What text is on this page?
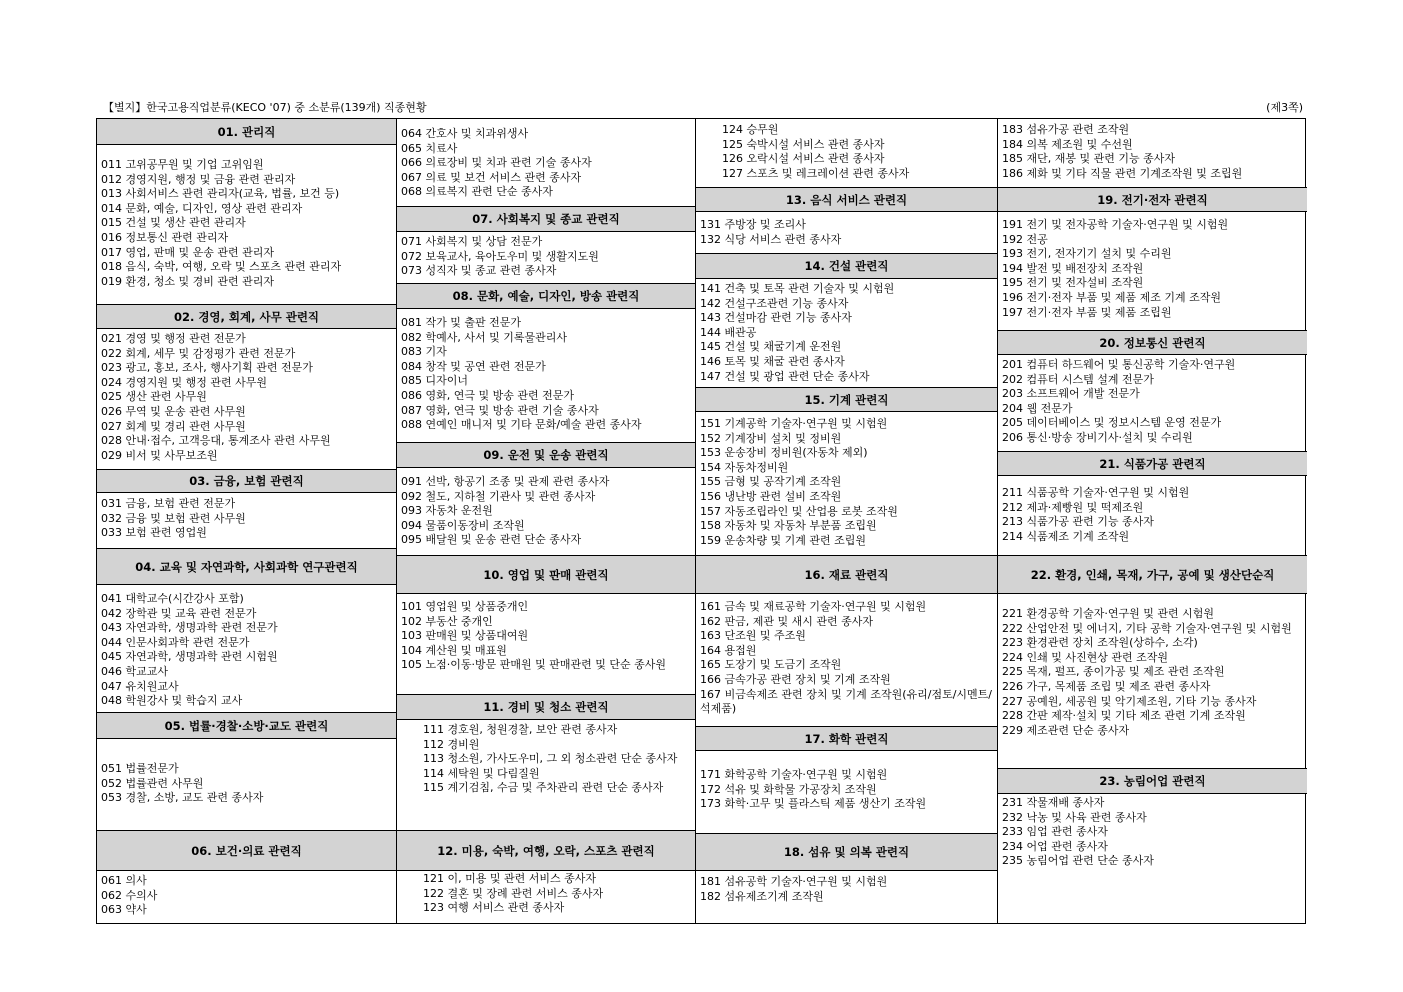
【별지】한국고용직업분류(KECO '07) 중 소분류(139개) 직종현황	(제3쪽)
01. 관리직
011 고위공무원 및 기업 고위임원
012 경영지원, 행정 및 금융 관련 관리자
013 사회서비스 관련 관리자(교육, 법률, 보건 등)
014 문화, 예술, 디자인, 영상 관련 관리자
015 건설 및 생산 관련 관리자
016 정보통신 관련 관리자
017 영업, 판매 및 운송 관련 관리자
018 음식, 숙박, 여행, 오락 및 스포츠 관련 관리자
019 환경, 청소 및 경비 관련 관리자
02. 경영, 회계, 사무 관련직
021 경영 및 행정 관련 전문가
022 회계, 세무 및 감정평가 관련 전문가
023 광고, 홍보, 조사, 행사기획 관련 전문가
024 경영지원 및 행정 관련 사무원
025 생산 관련 사무원
026 무역 및 운송 관련 사무원
027 회계 및 경리 관련 사무원
028 안내·접수, 고객응대, 통계조사 관련 사무원
029 비서 및 사무보조원
03. 금융, 보험 관련직
031 금융, 보험 관련 전문가
032 금융 및 보험 관련 사무원
033 보험 관련 영업원
04. 교육 및 자연과학, 사회과학 연구관련직
041 대학교수(시간강사 포함)
042 장학관 및 교육 관련 전문가
043 자연과학, 생명과학 관련 전문가
044 인문사회과학 관련 전문가
045 자연과학, 생명과학 관련 시험원
046 학교교사
047 유치원교사
048 학원강사 및 학습지 교사
05. 법률·경찰·소방·교도 관련직
051 법률전문가
052 법률관련 사무원
053 경찰, 소방, 교도 관련 종사자
06. 보건·의료 관련직
061 의사
062 수의사
063 약사
064 간호사 및 치과위생사
065 치료사
066 의료장비 및 치과 관련 기술 종사자
067 의료 및 보건 서비스 관련 종사자
068 의료복지 관련 단순 종사자
07. 사회복지 및 종교 관련직
071 사회복지 및 상담 전문가
072 보육교사, 육아도우미 및 생활지도원
073 성직자 및 종교 관련 종사자
08. 문화, 예술, 디자인, 방송 관련직
081 작가 및 출판 전문가
082 학예사, 사서 및 기록물관리사
083 기자
084 창작 및 공연 관련 전문가
085 디자이너
086 영화, 연극 및 방송 관련 전문가
087 영화, 연극 및 방송 관련 기술 종사자
088 연예인 매니저 및 기타 문화/예술 관련 종사자
09. 운전 및 운송 관련직
091 선박, 항공기 조종 및 관제 관련 종사자
092 철도, 지하철 기관사 및 관련 종사자
093 자동차 운전원
094 물품이동장비 조작원
095 배달원 및 운송 관련 단순 종사자
10. 영업 및 판매 관련직
101 영업원 및 상품중개인
102 부동산 중개인
103 판매원 및 상품대여원
104 계산원 및 매표원
105 노점·이동·방문 판매원 및 판매관련 및 단순 종사원
11. 경비 및 청소 관련직
111 경호원, 청원경찰, 보안 관련 종사자
112 경비원
113 청소원, 가사도우미, 그 외 청소관련 단순 종사자
114 세탁원 및 다림질원
115 계기검침, 수금 및 주차관리 관련 단순 종사자
12. 미용, 숙박, 여행, 오락, 스포츠 관련직
121 이, 미용 및 관련 서비스 종사자
122 결혼 및 장례 관련 서비스 종사자
123 여행 서비스 관련 종사자
124 승무원
125 숙박시설 서비스 관련 종사자
126 오락시설 서비스 관련 종사자
127 스포츠 및 레크레이션 관련 종사자
13. 음식 서비스 관련직
131 주방장 및 조리사
132 식당 서비스 관련 종사자
14. 건설 관련직
141 건축 및 토목 관련 기술자 및 시험원
142 건설구조관련 기능 종사자
143 건설마감 관련 기능 종사자
144 배관공
145 건설 및 채굴기계 운전원
146 토목 및 채굴 관련 종사자
147 건설 및 광업 관련 단순 종사자
15. 기계 관련직
151 기계공학 기술자·연구원 및 시험원
152 기계장비 설치 및 정비원
153 운송장비 정비원(자동차 제외)
154 자동차정비원
155 금형 및 공작기계 조작원
156 냉난방 관련 설비 조작원
157 자동조립라인 및 산업용 로봇 조작원
158 자동차 및 자동차 부분품 조립원
159 운송차량 및 기계 관련 조립원
16. 재료 관련직
161 금속 및 재료공학 기술자·연구원 및 시험원
162 판금, 제관 및 새시 관련 종사자
163 단조원 및 주조원
164 용접원
165 도장기 및 도금기 조작원
166 금속가공 관련 장치 및 기계 조작원
167 비금속제조 관련 장치 및 기계 조작원(유리/점토/시멘트/석제품)
17. 화학 관련직
171 화학공학 기술자·연구원 및 시험원
172 석유 및 화학물 가공장치 조작원
173 화학·고무 및 플라스틱 제품 생산기 조작원
18. 섬유 및 의복 관련직
181 섬유공학 기술자·연구원 및 시험원
182 섬유제조기계 조작원
183 섬유가공 관련 조작원
184 의복 제조원 및 수선원
185 재단, 재봉 및 관련 기능 종사자
186 제화 및 기타 직물 관련 기계조작원 및 조립원
19. 전기·전자 관련직
191 전기 및 전자공학 기술자·연구원 및 시험원
192 전공
193 전기, 전자기기 설치 및 수리원
194 발전 및 배전장치 조작원
195 전기 및 전자설비 조작원
196 전기·전자 부품 및 제품 제조 기계 조작원
197 전기·전자 부품 및 제품 조립원
20. 정보통신 관련직
201 컴퓨터 하드웨어 및 통신공학 기술자·연구원
202 컴퓨터 시스템 설계 전문가
203 소프트웨어 개발 전문가
204 웹 전문가
205 데이터베이스 및 정보시스템 운영 전문가
206 통신·방송 장비기사·설치 및 수리원
21. 식품가공 관련직
211 식품공학 기술자·연구원 및 시험원
212 제과·제빵원 및 떡제조원
213 식품가공 관련 기능 종사자
214 식품제조 기계 조작원
22. 환경, 인쇄, 목재, 가구, 공예 및 생산단순직
221 환경공학 기술자·연구원 및 관련 시험원
222 산업안전 및 에너지, 기타 공학 기술자·연구원 및 시험원
223 환경관련 장치 조작원(상하수, 소각)
224 인쇄 및 사진현상 관련 조작원
225 목재, 펄프, 종이가공 및 제조 관련 조작원
226 가구, 목제품 조립 및 제조 관련 종사자
227 공예원, 세공원 및 악기제조원, 기타 기능 종사자
228 간판 제작·설치 및 기타 제조 관련 기계 조작원
229 제조관련 단순 종사자
23. 농림어업 관련직
231 작물재배 종사자
232 낙농 및 사육 관련 종사자
233 임업 관련 종사자
234 어업 관련 종사자
235 농림어업 관련 단순 종사자
